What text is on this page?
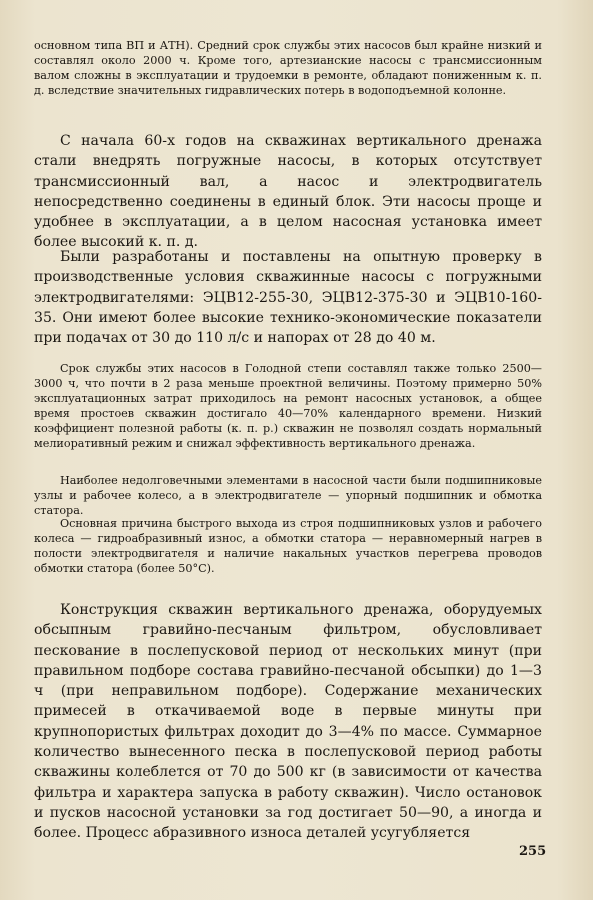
основном типа ВП и АТН). Средний срок службы этих насосов был крайне низкий и составлял около 2000 ч. Кроме того, артезианские насосы с трансмиссионным валом сложны в эксплуатации и трудоемки в ремонте, обладают пониженным к. п. д. вследствие значительных гидравлических потерь в водоподъемной колонне.

С начала 60-х годов на скважинах вертикального дренажа стали внедрять погружные насосы, в которых отсутствует трансмиссионный вал, а насос и электродвигатель непосредственно соединены в единый блок. Эти насосы проще и удобнее в эксплуатации, а в целом насосная установка имеет более высокий к. п. д.

Были разработаны и поставлены на опытную проверку в производственные условия скважинные насосы с погружными электродвигателями: ЭЦВ12-255-30, ЭЦВ12-375-30 и ЭЦВ10-160-35. Они имеют более высокие технико-экономические показатели при подачах от 30 до 110 л/с и напорах от 28 до 40 м.

Срок службы этих насосов в Голодной степи составлял также только 2500—3000 ч, что почти в 2 раза меньше проектной величины. Поэтому примерно 50% эксплуатационных затрат приходилось на ремонт насосных установок, а общее время простоев скважин достигало 40—70% календарного времени. Низкий коэффициент полезной работы (к. п. р.) скважин не позволял создать нормальный мелиоративный режим и снижал эффективность вертикального дренажа.

Наиболее недолговечными элементами в насосной части были подшипниковые узлы и рабочее колесо, а в электродвигателе — упорный подшипник и обмотка статора.

Основная причина быстрого выхода из строя подшипниковых узлов и рабочего колеса — гидроабразивный износ, а обмотки статора — неравномерный нагрев в полости электродвигателя и наличие накальных участков перегрева проводов обмотки статора (более 50°С).

Конструкция скважин вертикального дренажа, оборудуемых обсыпным гравийно-песчаным фильтром, обусловливает пескование в послепусковой период от нескольких минут (при правильном подборе состава гравийно-песчаной обсыпки) до 1—3 ч (при неправильном подборе). Содержание механических примесей в откачиваемой воде в первые минуты при крупнопористых фильтрах доходит до 3—4% по массе. Суммарное количество вынесенного песка в послепусковой период работы скважины колеблется от 70 до 500 кг (в зависимости от качества фильтра и характера запуска в работу скважин). Число остановок и пусков насосной установки за год достигает 50—90, а иногда и более. Процесс абразивного износа деталей усугубляется

255
